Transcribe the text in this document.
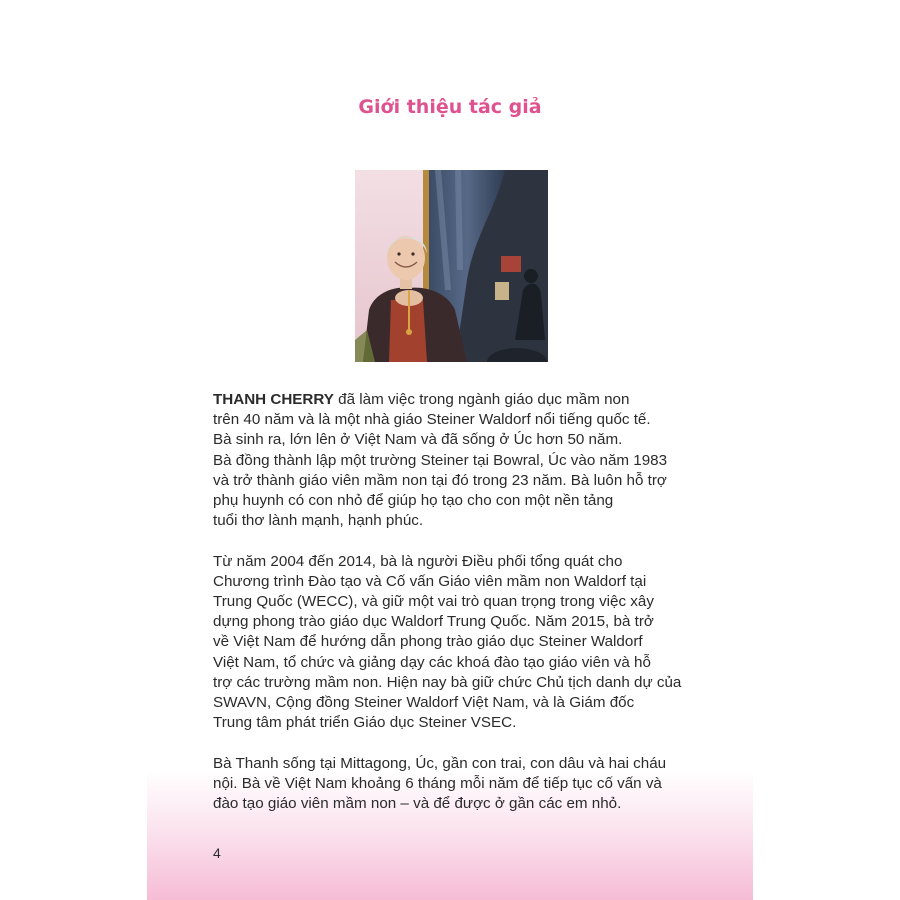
Giới thiệu tác giả

THANH CHERRY đã làm việc trong ngành giáo dục mầm non
trên 40 năm và là một nhà giáo Steiner Waldorf nổi tiếng quốc tế.
Bà sinh ra, lớn lên ở Việt Nam và đã sống ở Úc hơn 50 năm.
Bà đồng thành lập một trường Steiner tại Bowral, Úc vào năm 1983
và trở thành giáo viên mầm non tại đó trong 23 năm. Bà luôn hỗ trợ
phụ huynh có con nhỏ để giúp họ tạo cho con một nền tảng
tuổi thơ lành mạnh, hạnh phúc.

Từ năm 2004 đến 2014, bà là người Điều phối tổng quát cho
Chương trình Đào tạo và Cố vấn Giáo viên mầm non Waldorf tại
Trung Quốc (WECC), và giữ một vai trò quan trọng trong việc xây
dựng phong trào giáo dục Waldorf Trung Quốc. Năm 2015, bà trở
về Việt Nam để hướng dẫn phong trào giáo dục Steiner Waldorf
Việt Nam, tổ chức và giảng dạy các khoá đào tạo giáo viên và hỗ
trợ các trường mầm non. Hiện nay bà giữ chức Chủ tịch danh dự của
SWAVN, Cộng đồng Steiner Waldorf Việt Nam, và là Giám đốc
Trung tâm phát triển Giáo dục Steiner VSEC.

Bà Thanh sống tại Mittagong, Úc, gần con trai, con dâu và hai cháu
nội. Bà về Việt Nam khoảng 6 tháng mỗi năm để tiếp tục cố vấn và
đào tạo giáo viên mầm non – và để được ở gần các em nhỏ.

4
